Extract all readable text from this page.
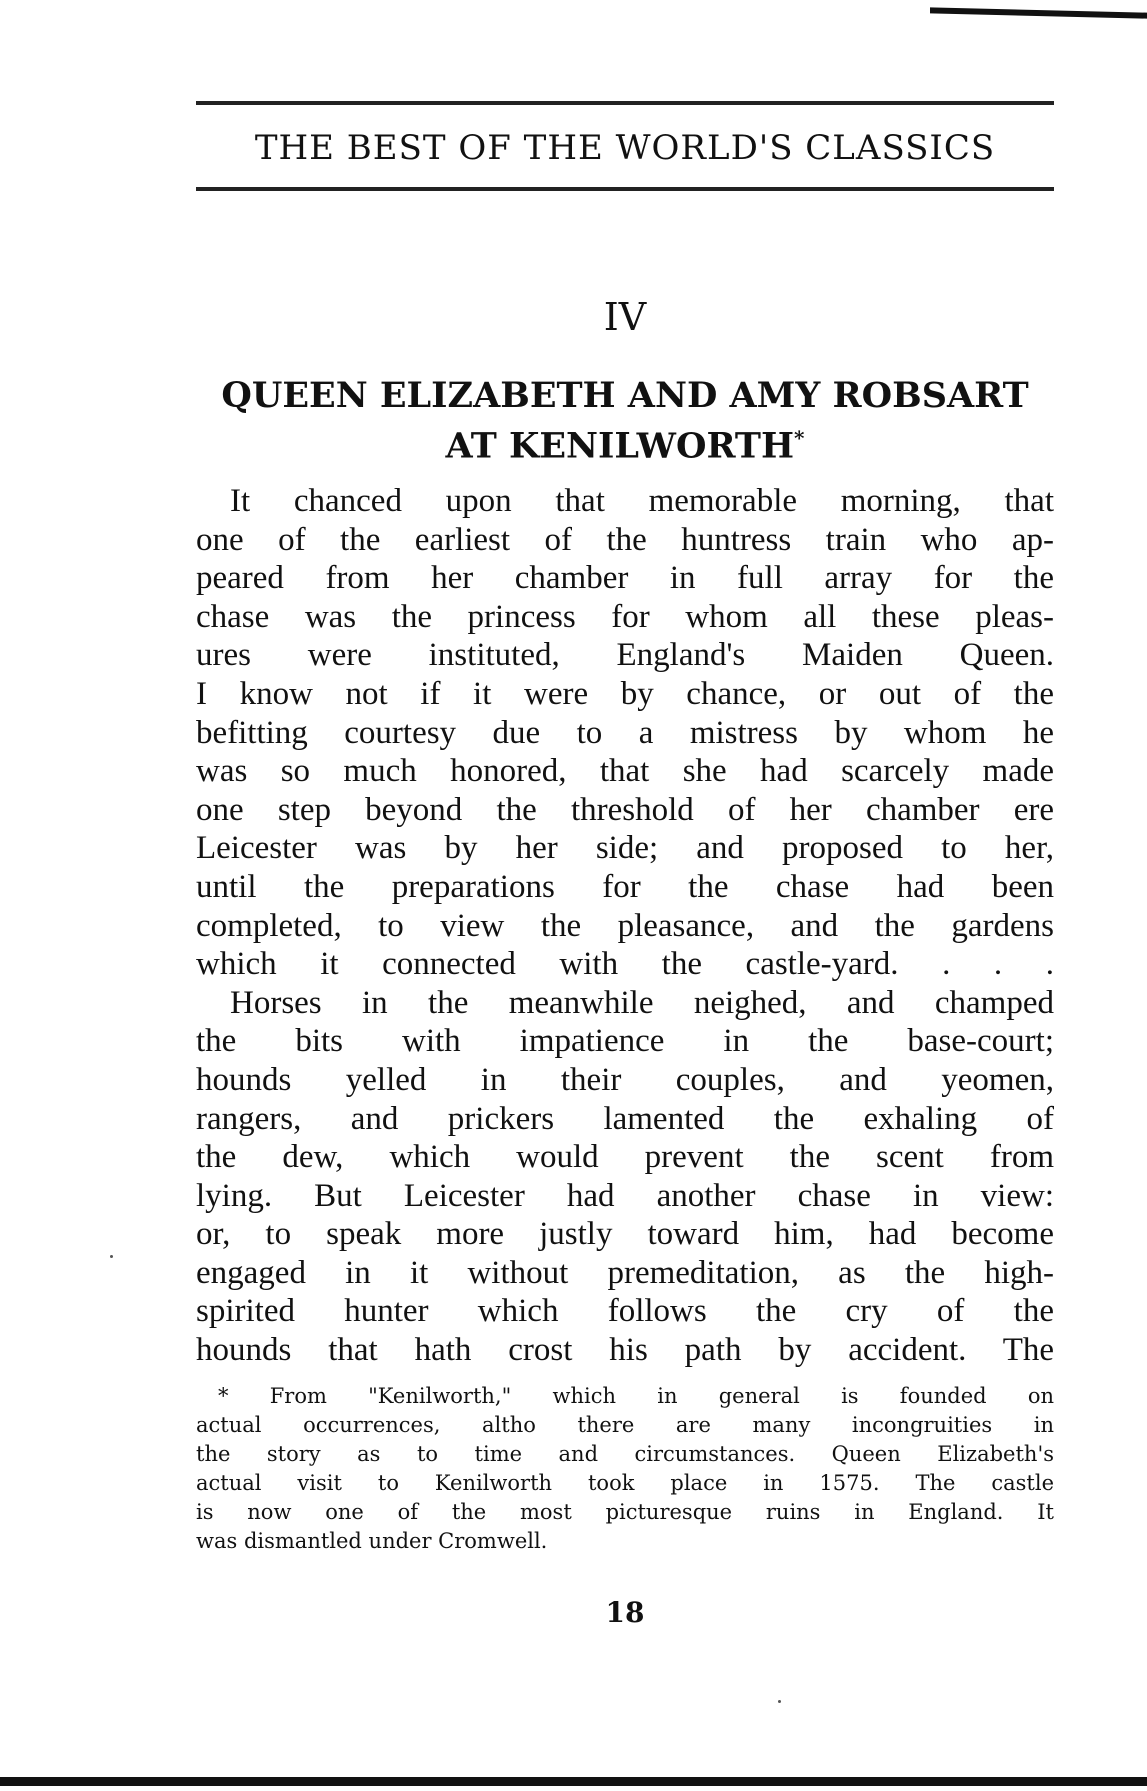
THE BEST OF THE WORLD'S CLASSICS
IV
QUEEN ELIZABETH AND AMY ROBSART
AT KENILWORTH*
It chanced upon that memorable morning, that
one of the earliest of the huntress train who ap-
peared from her chamber in full array for the
chase was the princess for whom all these pleas-
ures were instituted, England's Maiden Queen.
I know not if it were by chance, or out of the
befitting courtesy due to a mistress by whom he
was so much honored, that she had scarcely made
one step beyond the threshold of her chamber ere
Leicester was by her side; and proposed to her,
until the preparations for the chase had been
completed, to view the pleasance, and the gardens
which it connected with the castle-yard. . . .
Horses in the meanwhile neighed, and champed
the bits with impatience in the base-court;
hounds yelled in their couples, and yeomen,
rangers, and prickers lamented the exhaling of
the dew, which would prevent the scent from
lying. But Leicester had another chase in view:
or, to speak more justly toward him, had become
engaged in it without premeditation, as the high-
spirited hunter which follows the cry of the
hounds that hath crost his path by accident. The
* From "Kenilworth," which in general is founded on
actual occurrences, altho there are many incongruities in
the story as to time and circumstances. Queen Elizabeth's
actual visit to Kenilworth took place in 1575. The castle
is now one of the most picturesque ruins in England. It
was dismantled under Cromwell.
18
